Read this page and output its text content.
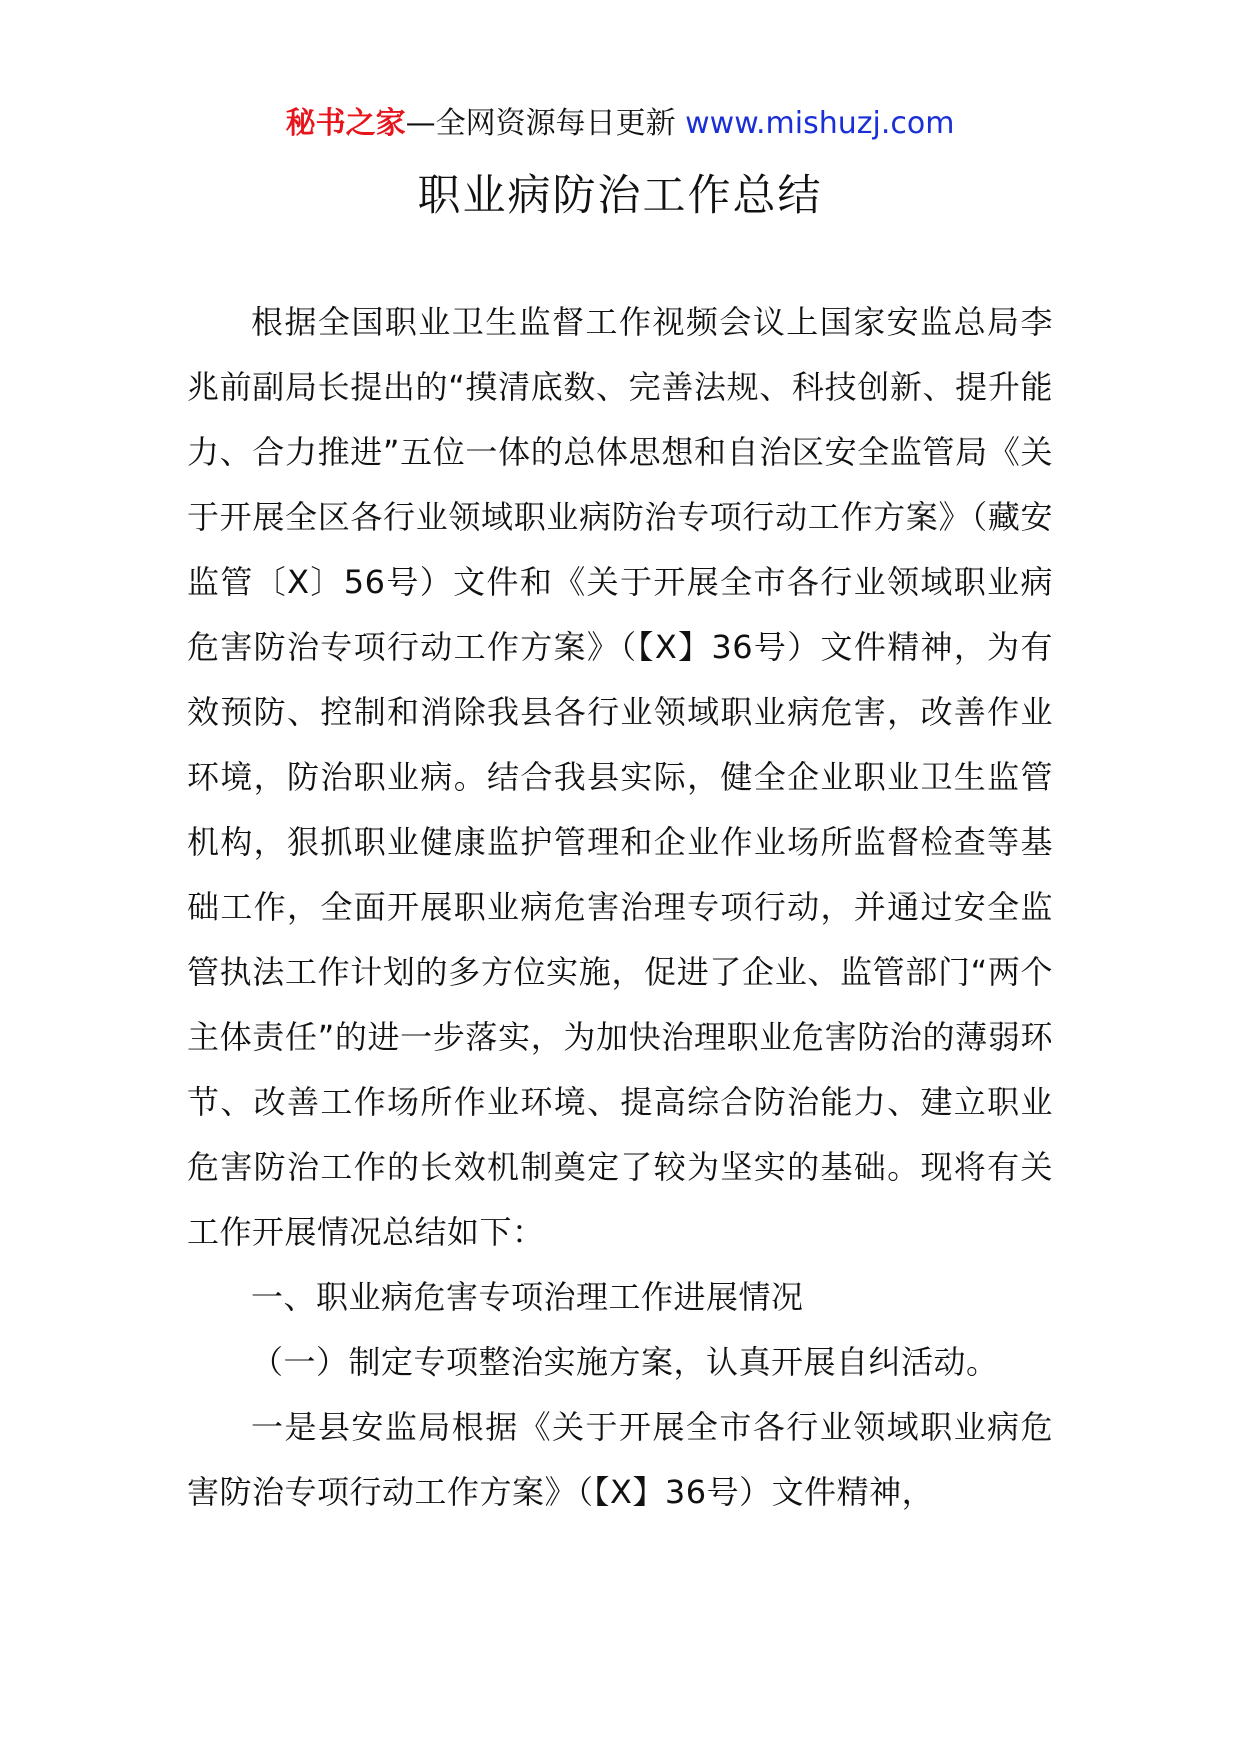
秘书之家—全网资源每日更新 www.mishuzj.com
职业病防治工作总结

根据全国职业卫生监督工作视频会议上国家安监总局李兆前副局长提出的“摸清底数、完善法规、科技创新、提升能力、合力推进”五位一体的总体思想和自治区安全监管局《关于开展全区各行业领域职业病防治专项行动工作方案》（藏安监管〔X〕56号）文件和《关于开展全市各行业领域职业病危害防治专项行动工作方案》（【X】36号）文件精神，为有效预防、控制和消除我县各行业领域职业病危害，改善作业环境，防治职业病。结合我县实际，健全企业职业卫生监管机构，狠抓职业健康监护管理和企业作业场所监督检查等基础工作，全面开展职业病危害治理专项行动，并通过安全监管执法工作计划的多方位实施，促进了企业、监管部门“两个主体责任”的进一步落实，为加快治理职业危害防治的薄弱环节、改善工作场所作业环境、提高综合防治能力、建立职业危害防治工作的长效机制奠定了较为坚实的基础。现将有关工作开展情况总结如下：

一、职业病危害专项治理工作进展情况

（一）制定专项整治实施方案，认真开展自纠活动。

一是县安监局根据《关于开展全市各行业领域职业病危害防治专项行动工作方案》（【X】36号）文件精神，
